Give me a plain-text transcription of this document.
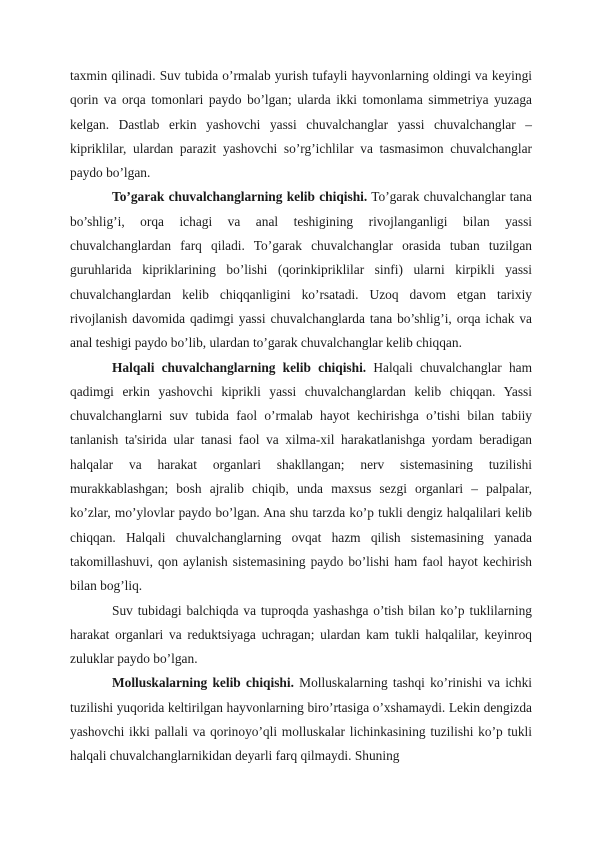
taxmin qilinadi. Suv tubida o’rmalab yurish tufayli hayvonlarning oldingi va keyingi qorin va orqa tomonlari paydo bo’lgan; ularda ikki tomonlama simmetriya yuzaga kelgan. Dastlab erkin yashovchi yassi chuvalchanglar yassi chuvalchanglar – kipriklilar, ulardan parazit yashovchi so’rg’ichlilar va tasmasimon chuvalchanglar paydo bo’lgan.

To’garak chuvalchanglarning kelib chiqishi. To’garak chuvalchanglar tana bo’shlig’i, orqa ichagi va anal teshigining rivojlanganligi bilan yassi chuvalchanglardan farq qiladi. To’garak chuvalchanglar orasida tuban tuzilgan guruhlarida kipriklarining bo’lishi (qorinkipriklilar sinfi) ularni kirpikli yassi chuvalchanglardan kelib chiqqanligini ko’rsatadi. Uzoq davom etgan tarixiy rivojlanish davomida qadimgi yassi chuvalchanglarda tana bo’shlig’i, orqa ichak va anal teshigi paydo bo’lib, ulardan to’garak chuvalchanglar kelib chiqqan.

Halqali chuvalchanglarning kelib chiqishi. Halqali chuvalchanglar ham qadimgi erkin yashovchi kiprikli yassi chuvalchanglardan kelib chiqqan. Yassi chuvalchanglarni suv tubida faol o’rmalab hayot kechirishga o’tishi bilan tabiiy tanlanish ta'sirida ular tanasi faol va xilma-xil harakatlanishga yordam beradigan halqalar va harakat organlari shakllangan; nerv sistemasining tuzilishi murakkablashgan; bosh ajralib chiqib, unda maxsus sezgi organlari – palpalar, ko’zlar, mo’ylovlar paydo bo’lgan. Ana shu tarzda ko’p tukli dengiz halqalilari kelib chiqqan. Halqali chuvalchanglarning ovqat hazm qilish sistemasining yanada takomillashuvi, qon aylanish sistemasining paydo bo’lishi ham faol hayot kechirish bilan bog’liq.

Suv tubidagi balchiqda va tuproqda yashashga o’tish bilan ko’p tuklilarning harakat organlari va reduktsiyaga uchragan; ulardan kam tukli halqalilar, keyinroq zuluklar paydo bo’lgan.

Molluskalarning kelib chiqishi. Molluskalarning tashqi ko’rinishi va ichki tuzilishi yuqorida keltirilgan hayvonlarning biro’rtasiga o’xshamaydi. Lekin dengizda yashovchi ikki pallali va qorinoyo’qli molluskalar lichinkasining tuzilishi ko’p tukli halqali chuvalchanglarnikidan deyarli farq qilmaydi. Shuning
